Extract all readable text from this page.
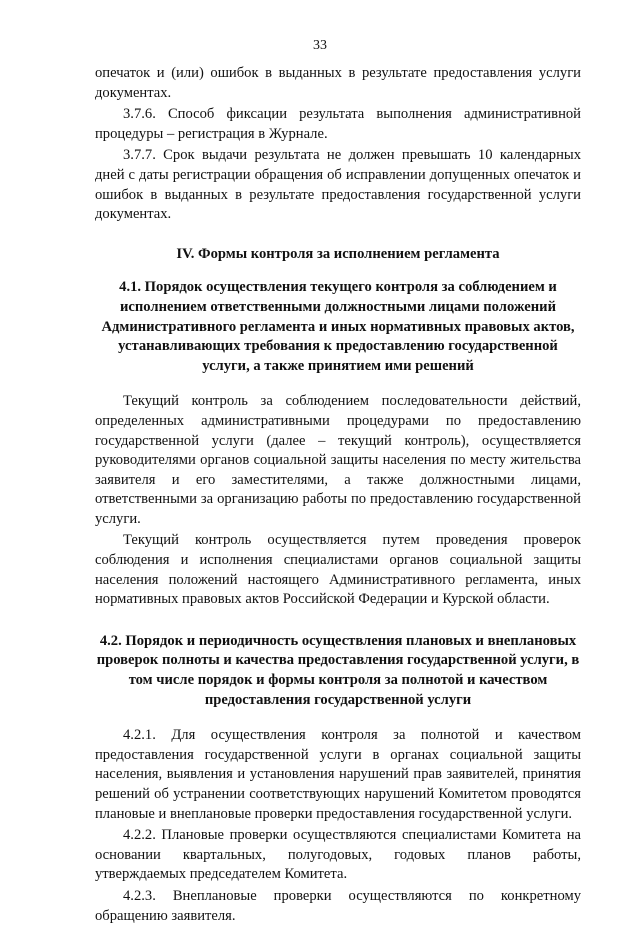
33

опечаток и (или) ошибок в выданных в результате предоставления услуги документах.

3.7.6. Способ фиксации результата выполнения административной процедуры – регистрация в Журнале.

3.7.7. Срок выдачи результата не должен превышать 10 календарных дней с даты регистрации обращения об исправлении допущенных опечаток и ошибок в выданных в результате предоставления государственной услуги документах.

IV. Формы контроля за исполнением регламента
4.1. Порядок осуществления текущего контроля за соблюдением и исполнением ответственными должностными лицами положений Административного регламента и иных нормативных правовых актов, устанавливающих требования к предоставлению государственной услуги, а также принятием ими решений

Текущий контроль за соблюдением последовательности действий, определенных административными процедурами по предоставлению государственной услуги (далее – текущий контроль), осуществляется руководителями органов социальной защиты населения по месту жительства заявителя и его заместителями, а также должностными лицами, ответственными за организацию работы по предоставлению государственной услуги.

Текущий контроль осуществляется путем проведения проверок соблюдения и исполнения специалистами органов социальной защиты населения положений настоящего Административного регламента, иных нормативных правовых актов Российской Федерации и Курской области.

4.2. Порядок и периодичность осуществления плановых и внеплановых проверок полноты и качества предоставления государственной услуги, в том числе порядок и формы контроля за полнотой и качеством предоставления государственной услуги

4.2.1. Для осуществления контроля за полнотой и качеством предоставления государственной услуги в органах социальной защиты населения, выявления и установления нарушений прав заявителей, принятия решений об устранении соответствующих нарушений Комитетом проводятся плановые и внеплановые проверки предоставления государственной услуги.

4.2.2. Плановые проверки осуществляются специалистами Комитета на основании квартальных, полугодовых, годовых планов работы, утверждаемых председателем Комитета.

4.2.3. Внеплановые проверки осуществляются по конкретному обращению заявителя.
